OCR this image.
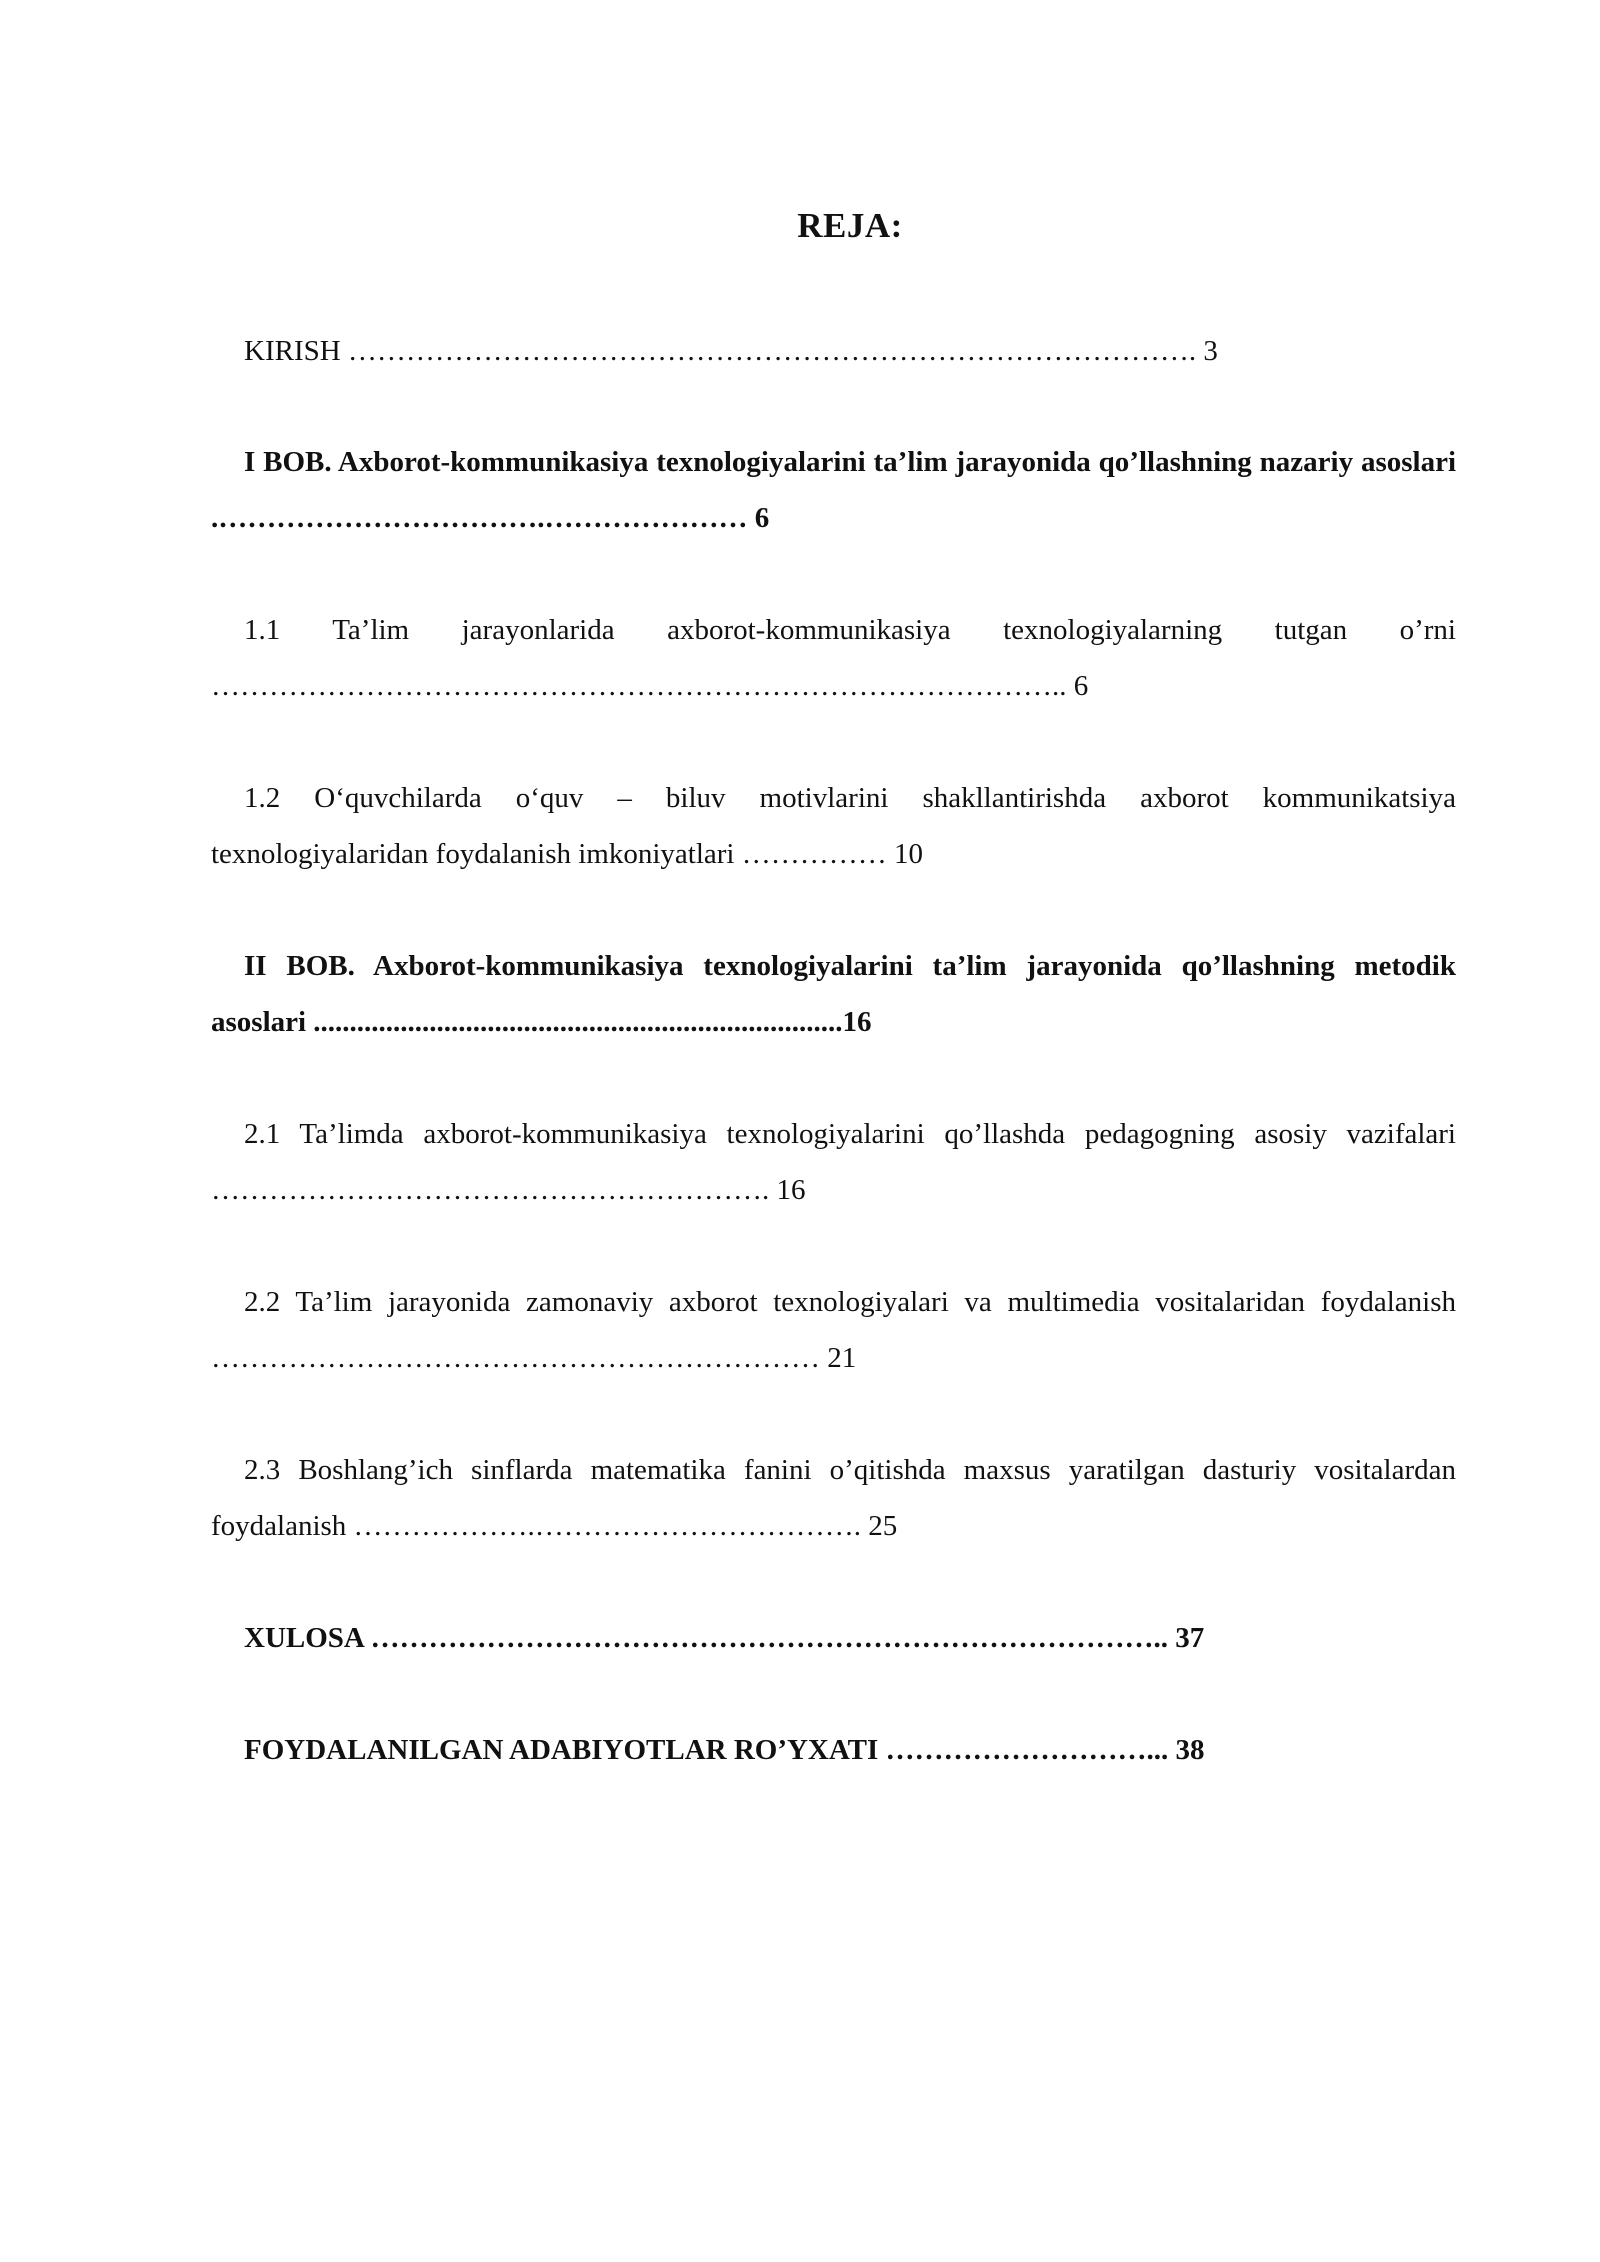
REJA:
KIRISH ……………………………………………………………………………. 3
I BOB. Axborot-kommunikasiya texnologiyalarini ta’lim jarayonida qo’llashning nazariy asoslari .…………………………….………………… 6
1.1 Ta’lim jarayonlarida axborot-kommunikasiya texnologiyalarning tutgan o’rni …………………………………………………………………………….. 6
1.2 O‘quvchilarda o‘quv – biluv motivlarini shakllantirishda axborot kommunikatsiya texnologiyalaridan foydalanish imkoniyatlari …………… 10
II BOB. Axborot-kommunikasiya texnologiyalarini ta’lim jarayonida qo’llashning metodik asoslari .........................................................................16
2.1 Ta’limda axborot-kommunikasiya texnologiyalarini qo’llashda pedagogning asosiy vazifalari …………………………………………………. 16
2.2 Ta’lim jarayonida zamonaviy axborot texnologiyalari va multimedia vositalaridan foydalanish ……………………………………………………… 21
2.3 Boshlang’ich sinflarda matematika fanini o’qitishda maxsus yaratilgan dasturiy vositalardan foydalanish ……………….……………………………. 25
XULOSA ……………………………………………………………………….. 37
FOYDALANILGAN ADABIYOTLAR RO’YXATI ………………………... 38
